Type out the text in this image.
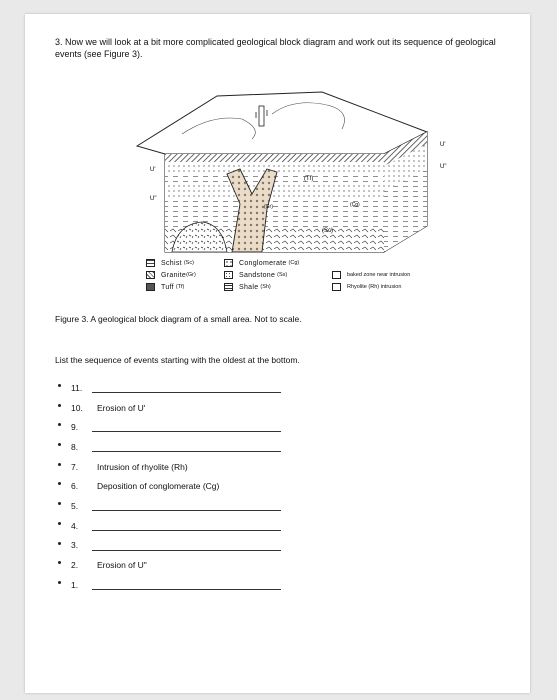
3. Now we will look at a bit more complicated geological block diagram and work out its sequence of geological events (see Figure 3).
(Tf)
(Gr)	(Cg)
(Sc)
U'
U"
U'
U"
Schist
(Sc)
Granite (Gr)
Tuff
(Tf)
Conglomerate
(Cg)
Sandstone
(Ss)
Shale
(Sh)
baked zone near intrusion
Rhyolite (Rh) intrusion
Figure 3. A geological block diagram of a small area. Not to scale.
List the sequence of events starting with the oldest at the bottom.
11.
10.	Erosion of U'
9.
8.
7.	Intrusion of rhyolite (Rh)
6.	Deposition of conglomerate (Cg)
5.
4.
3.
2.	Erosion of U"
1.
